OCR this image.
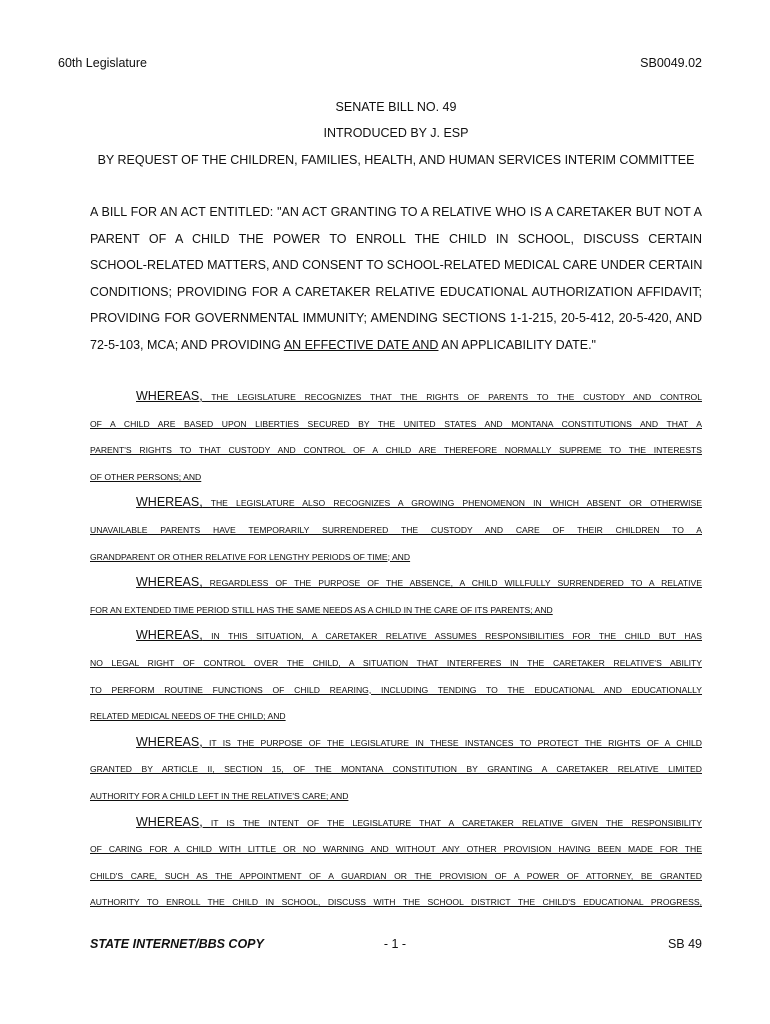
60th Legislature	SB0049.02

SENATE BILL NO. 49

INTRODUCED BY J. ESP

BY REQUEST OF THE CHILDREN, FAMILIES, HEALTH, AND HUMAN SERVICES INTERIM COMMITTEE

A BILL FOR AN ACT ENTITLED: "AN ACT GRANTING TO A RELATIVE WHO IS A CARETAKER BUT NOT A

PARENT OF A CHILD THE POWER TO ENROLL THE CHILD IN SCHOOL, DISCUSS CERTAIN

SCHOOL-RELATED MATTERS, AND CONSENT TO SCHOOL-RELATED MEDICAL CARE UNDER CERTAIN

CONDITIONS; PROVIDING FOR A CARETAKER RELATIVE EDUCATIONAL AUTHORIZATION AFFIDAVIT;

PROVIDING FOR GOVERNMENTAL IMMUNITY; AMENDING SECTIONS 1-1-215, 20-5-412, 20-5-420, AND

72-5-103, MCA; AND PROVIDING AN EFFECTIVE DATE AND AN APPLICABILITY DATE."

WHEREAS, THE LEGISLATURE RECOGNIZES THAT THE RIGHTS OF PARENTS TO THE CUSTODY AND CONTROL
OF A CHILD ARE BASED UPON LIBERTIES SECURED BY THE UNITED STATES AND MONTANA CONSTITUTIONS AND THAT A
PARENT'S RIGHTS TO THAT CUSTODY AND CONTROL OF A CHILD ARE THEREFORE NORMALLY SUPREME TO THE INTERESTS
OF OTHER PERSONS; AND
WHEREAS, THE LEGISLATURE ALSO RECOGNIZES A GROWING PHENOMENON IN WHICH ABSENT OR OTHERWISE
UNAVAILABLE PARENTS HAVE TEMPORARILY SURRENDERED THE CUSTODY AND CARE OF THEIR CHILDREN TO A
GRANDPARENT OR OTHER RELATIVE FOR LENGTHY PERIODS OF TIME; AND
WHEREAS, REGARDLESS OF THE PURPOSE OF THE ABSENCE, A CHILD WILLFULLY SURRENDERED TO A RELATIVE
FOR AN EXTENDED TIME PERIOD STILL HAS THE SAME NEEDS AS A CHILD IN THE CARE OF ITS PARENTS; AND
WHEREAS, IN THIS SITUATION, A CARETAKER RELATIVE ASSUMES RESPONSIBILITIES FOR THE CHILD BUT HAS
NO LEGAL RIGHT OF CONTROL OVER THE CHILD, A SITUATION THAT INTERFERES IN THE CARETAKER RELATIVE'S ABILITY
TO PERFORM ROUTINE FUNCTIONS OF CHILD REARING, INCLUDING TENDING TO THE EDUCATIONAL AND EDUCATIONALLY
RELATED MEDICAL NEEDS OF THE CHILD; AND
WHEREAS, IT IS THE PURPOSE OF THE LEGISLATURE IN THESE INSTANCES TO PROTECT THE RIGHTS OF A CHILD
GRANTED BY ARTICLE II, SECTION 15, OF THE MONTANA CONSTITUTION BY GRANTING A CARETAKER RELATIVE LIMITED
AUTHORITY FOR A CHILD LEFT IN THE RELATIVE'S CARE; AND
WHEREAS, IT IS THE INTENT OF THE LEGISLATURE THAT A CARETAKER RELATIVE GIVEN THE RESPONSIBILITY
OF CARING FOR A CHILD WITH LITTLE OR NO WARNING AND WITHOUT ANY OTHER PROVISION HAVING BEEN MADE FOR THE
CHILD'S CARE, SUCH AS THE APPOINTMENT OF A GUARDIAN OR THE PROVISION OF A POWER OF ATTORNEY, BE GRANTED
AUTHORITY TO ENROLL THE CHILD IN SCHOOL, DISCUSS WITH THE SCHOOL DISTRICT THE CHILD'S EDUCATIONAL PROGRESS,

STATE INTERNET/BBS COPY	- 1 -	SB 49
